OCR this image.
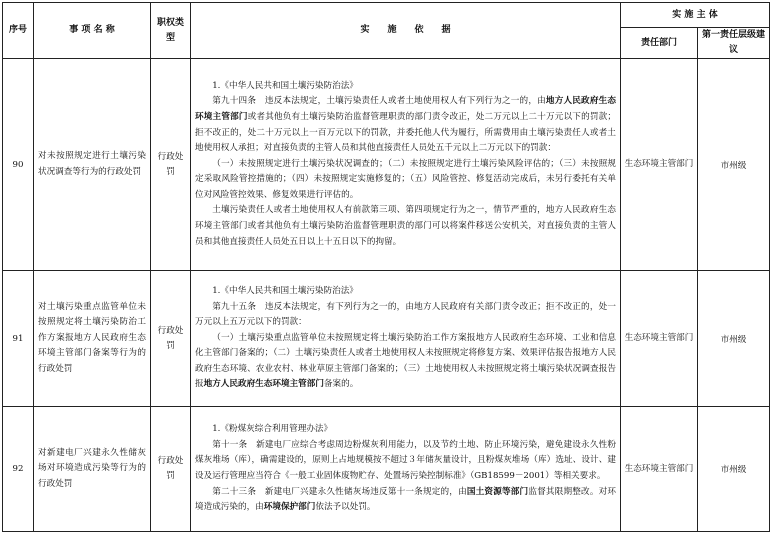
序号	事 项 名 称	职权类型	实　　施　　依　　据	实 施 主 体	
				责任部门	第一责任层级建议
90	对未按照规定进行土壤污染状况调查等行为的行政处罚	行政处罚	1.《中华人民共和国土壤污染防治法》

第九十四条　违反本法规定，土壤污染责任人或者土地使用权人有下列行为之一的，由地方人民政府生态环境主管部门或者其他负有土壤污染防治监督管理职责的部门责令改正，处二万元以上二十万元以下的罚款；拒不改正的，处二十万元以上一百万元以下的罚款，并委托他人代为履行，所需费用由土壤污染责任人或者土地使用权人承担；对直接负责的主管人员和其他直接责任人员处五千元以上二万元以下的罚款：

（一）未按照规定进行土壤污染状况调查的；（二）未按照规定进行土壤污染风险评估的；（三）未按照规定采取风险管控措施的；（四）未按照规定实施修复的；（五）风险管控、修复活动完成后，未另行委托有关单位对风险管控效果、修复效果进行评估的。

土壤污染责任人或者土地使用权人有前款第三项、第四项规定行为之一，情节严重的，地方人民政府生态环境主管部门或者其他负有土壤污染防治监督管理职责的部门可以将案件移送公安机关，对直接负责的主管人员和其他直接责任人员处五日以上十五日以下的拘留。	生态环境主管部门	市州级
91	对土壤污染重点监管单位未按照规定将土壤污染防治工作方案报地方人民政府生态环境主管部门备案等行为的行政处罚	行政处罚	1.《中华人民共和国土壤污染防治法》

第九十五条　违反本法规定，有下列行为之一的，由地方人民政府有关部门责令改正；拒不改正的，处一万元以上五万元以下的罚款：

（一）土壤污染重点监管单位未按照规定将土壤污染防治工作方案报地方人民政府生态环境、工业和信息化主管部门备案的；（二）土壤污染责任人或者土地使用权人未按照规定将修复方案、效果评估报告报地方人民政府生态环境、农业农村、林业草原主管部门备案的；（三）土地使用权人未按照规定将土壤污染状况调查报告报地方人民政府生态环境主管部门备案的。	生态环境主管部门	市州级
92	对新建电厂兴建永久性储灰场对环境造成污染等行为的行政处罚	行政处罚	1.《粉煤灰综合利用管理办法》

第十一条　新建电厂应综合考虑周边粉煤灰利用能力，以及节约土地、防止环境污染，避免建设永久性粉煤灰堆场（库），确需建设的，原则上占地规模按不超过３年储灰量设计，且粉煤灰堆场（库）选址、设计、建设及运行管理应当符合《一般工业固体废物贮存、处置场污染控制标准》（GB18599－2001）等相关要求。

第二十三条　新建电厂兴建永久性储灰场违反第十一条规定的，由国土资源等部门监督其限期整改。对环境造成污染的，由环境保护部门依法予以处罚。	生态环境主管部门	市州级
